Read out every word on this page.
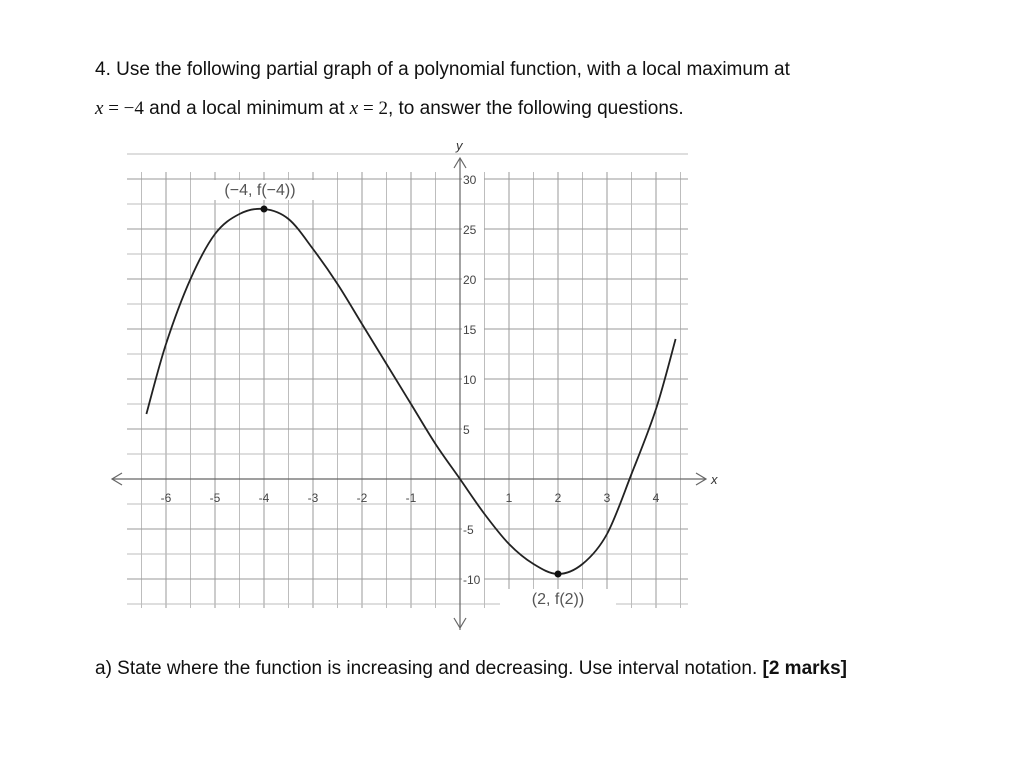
4. Use the following partial graph of a polynomial function, with a local maximum at
x = −4 and a local minimum at x = 2, to answer the following questions.
x
y
-6	-5	-4	-3	-2	-1	1	2	3	4
30
25
20
15
10
5
-5
-10
(−4, f(−4))
(2, f(2))
a) State where the function is increasing and decreasing. Use interval notation. [2 marks]
